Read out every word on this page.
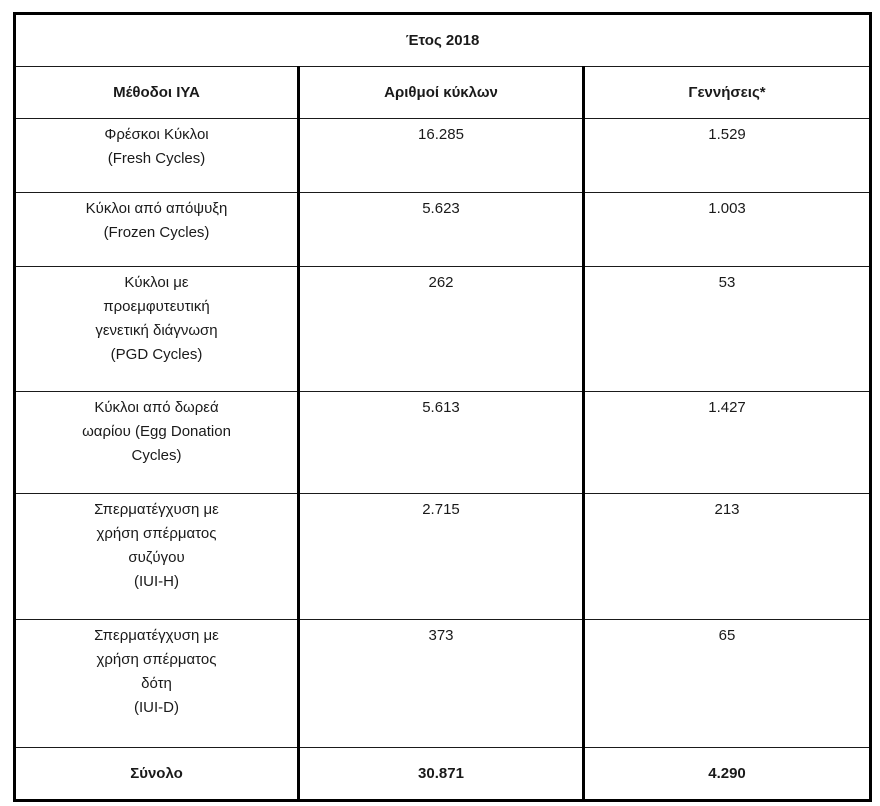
Έτος 2018		
Μέθοδοι ΙΥΑ	Αριθμοί κύκλων	Γεννήσεις*

Φρέσκοι Κύκλοι
(Fresh Cycles)	16.285	1.529

Κύκλοι από απόψυξη
(Frozen Cycles)	5.623	1.003

Κύκλοι με
προεμφυτευτική
γενετική διάγνωση
(PGD Cycles)	262	53

Κύκλοι από δωρεά
ωαρίου (Egg Donation
Cycles)	5.613	1.427

Σπερματέγχυση με
χρήση σπέρματος
συζύγου
(IUI-H)	2.715	213

Σπερματέγχυση με
χρήση σπέρματος
δότη
(IUI-D)	373	65
Σύνολο	30.871	4.290
